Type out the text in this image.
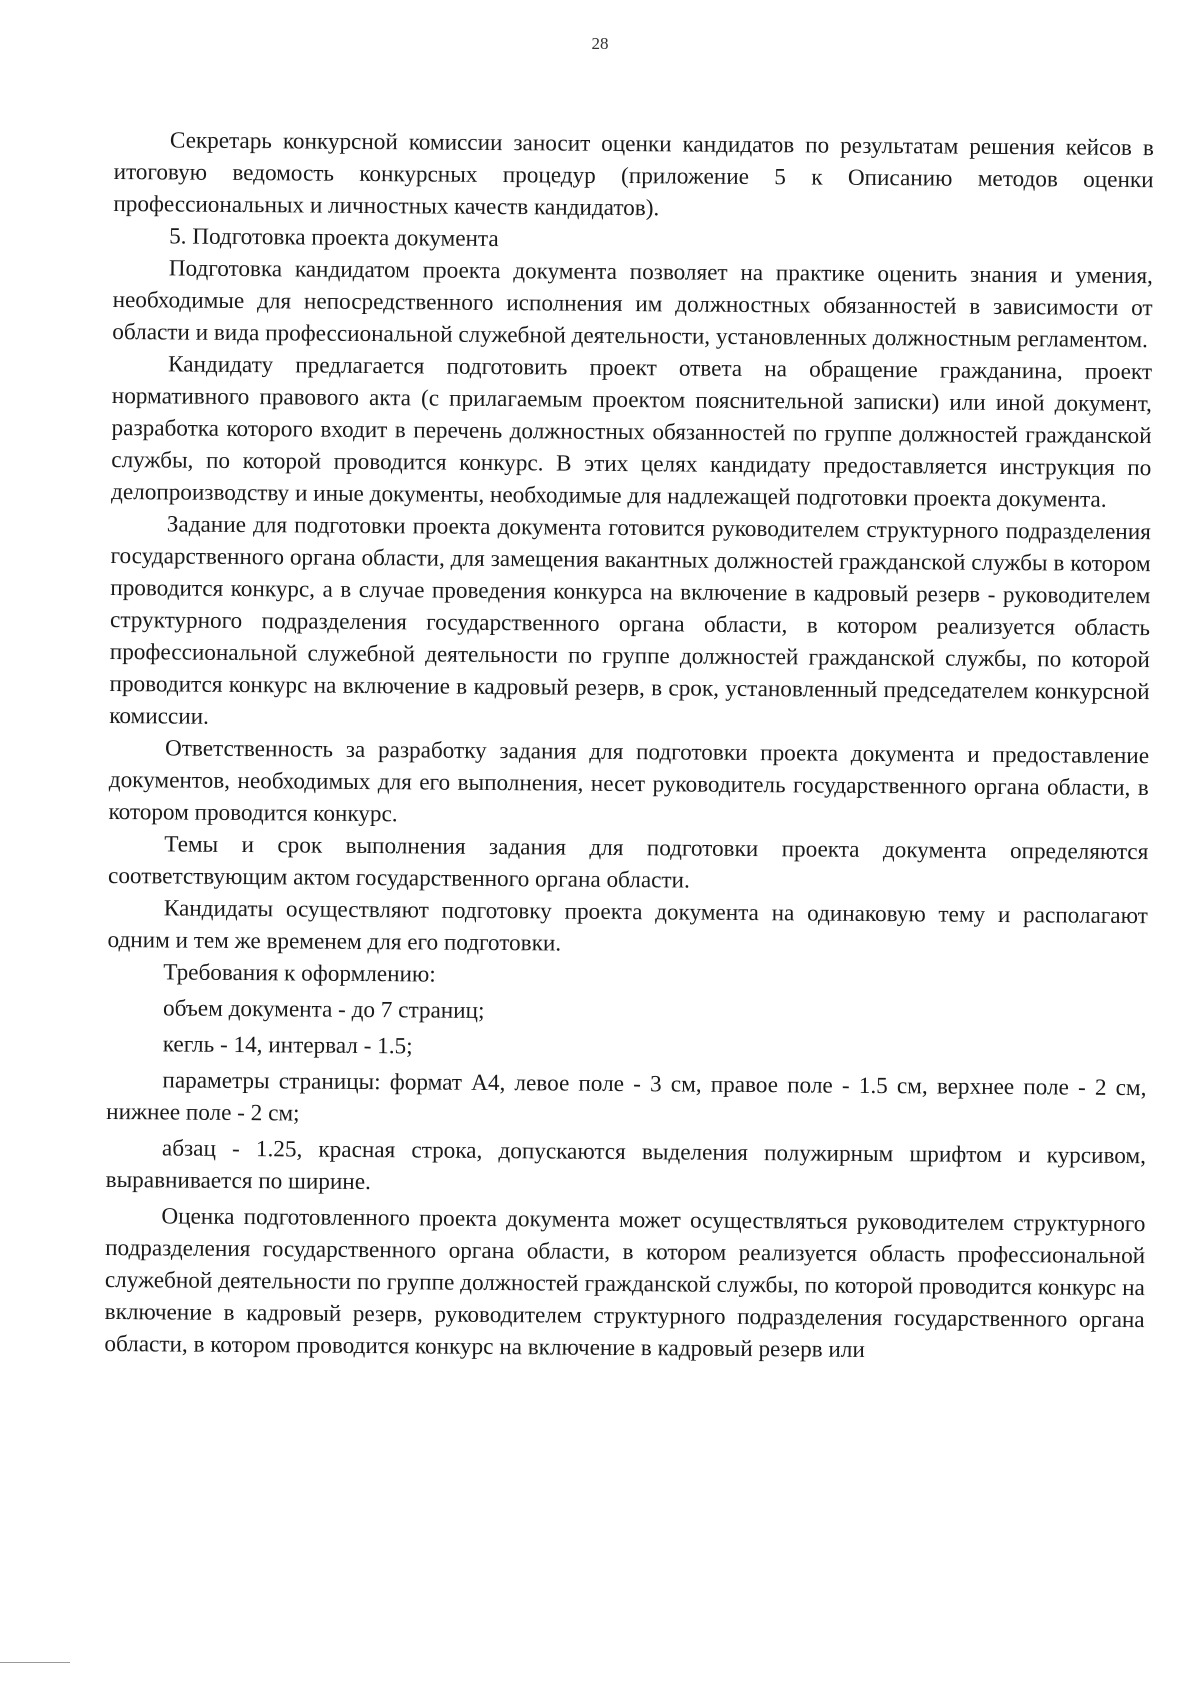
28

Секретарь конкурсной комиссии заносит оценки кандидатов по результатам решения кейсов в итоговую ведомость конкурсных процедур (приложение 5 к Описанию методов оценки профессиональных и личностных качеств кандидатов).

5. Подготовка проекта документа

Подготовка кандидатом проекта документа позволяет на практике оценить знания и умения, необходимые для непосредственного исполнения им должностных обязанностей в зависимости от области и вида профессиональной служебной деятельности, установленных должностным регламентом.

Кандидату предлагается подготовить проект ответа на обращение гражданина, проект нормативного правового акта (с прилагаемым проектом пояснительной записки) или иной документ, разработка которого входит в перечень должностных обязанностей по группе должностей гражданской службы, по которой проводится конкурс. В этих целях кандидату предоставляется инструкция по делопроизводству и иные документы, необходимые для надлежащей подготовки проекта документа.

Задание для подготовки проекта документа готовится руководителем структурного подразделения государственного органа области, для замещения вакантных должностей гражданской службы в котором проводится конкурс, а в случае проведения конкурса на включение в кадровый резерв - руководителем структурного подразделения государственного органа области, в котором реализуется область профессиональной служебной деятельности по группе должностей гражданской службы, по которой проводится конкурс на включение в кадровый резерв, в срок, установленный председателем конкурсной комиссии.

Ответственность за разработку задания для подготовки проекта документа и предоставление документов, необходимых для его выполнения, несет руководитель государственного органа области, в котором проводится конкурс.

Темы и срок выполнения задания для подготовки проекта документа определяются соответствующим актом государственного органа области.

Кандидаты осуществляют подготовку проекта документа на одинаковую тему и располагают одним и тем же временем для его подготовки.

Требования к оформлению:

объем документа - до 7 страниц;

кегль - 14, интервал - 1.5;

параметры страницы: формат А4, левое поле - 3 см, правое поле - 1.5 см, верхнее поле - 2 см, нижнее поле - 2 см;

абзац - 1.25, красная строка, допускаются выделения полужирным шрифтом и курсивом, выравнивается по ширине.

Оценка подготовленного проекта документа может осуществляться руководителем структурного подразделения государственного органа области, в котором реализуется область профессиональной служебной деятельности по группе должностей гражданской службы, по которой проводится конкурс на включение в кадровый резерв, руководителем структурного подразделения государственного органа области, в котором проводится конкурс на включение в кадровый резерв или
